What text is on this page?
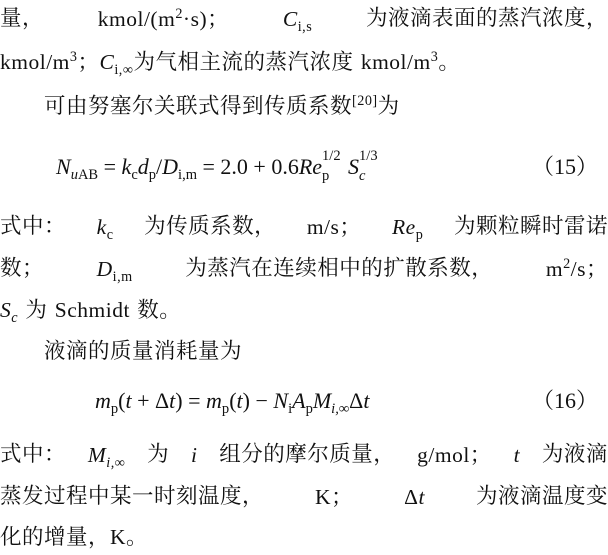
量，	kmol/$(m^2\cdot s)$；	$C_{i,s}$	为液滴表面的蒸汽浓度，
kmol/$m^3$；$C_{i,\infty}$为气相主流的蒸汽浓度 kmol/$m^3$。
可由努塞尔关联式得到传质系数[20]为
$N_{uAB} = k_cd_p/D_{i,m} = 2.0 + 0.6Re$ 1/2
p S 1/3
c	（15）
式中： $k_c$ 为传质系数， m/s； $Re_p$ 为颗粒瞬时雷诺
数； $D_{i,m}$ 为蒸汽在连续相中的扩散系数， $m^2/s$；
$S_c$ 为 Schmidt 数。
液滴的质量消耗量为
$m_p(t + \Delta t) = m_p(t) - N_iA_pM_{i,\infty}\Delta t$	（16）
式中： $M_{i,\infty}$ 为 i 组分的摩尔质量， g/mol； t 为液滴
蒸发过程中某一时刻温度， K； Δt 为液滴温度变
化的增量，K。
